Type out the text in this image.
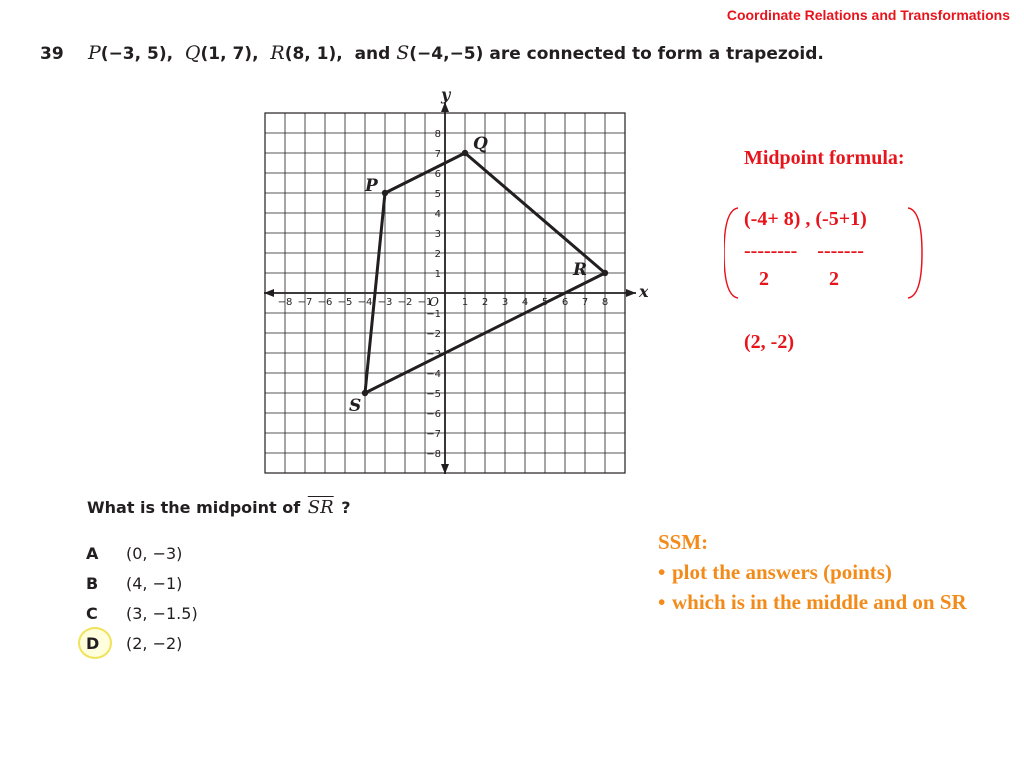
Coordinate Relations and Transformations
39 P(−3, 5), Q(1, 7), R(8, 1), and S(−4,−5) are connected to form a trapezoid.
−8 −7 −6 −5 −4 −3 −2 −1	1 2 3 4 5 6 7 8
8
7
6
5
4
3
2
1
−1
−2
−3
−4
−5
−6
−7
−8
O
x
y
P
Q
R
S
Midpoint formula:
(-4+ 8) , (-5+1)
--------    -------
2            2
(2, -2)
What is the midpoint of $\overline{SR}$ ?
A	(0, −3)
B	(4, −1)
C	(3, −1.5)
D	(2, −2)
SSM:
• plot the answers (points)
• which is in the middle and on SR
